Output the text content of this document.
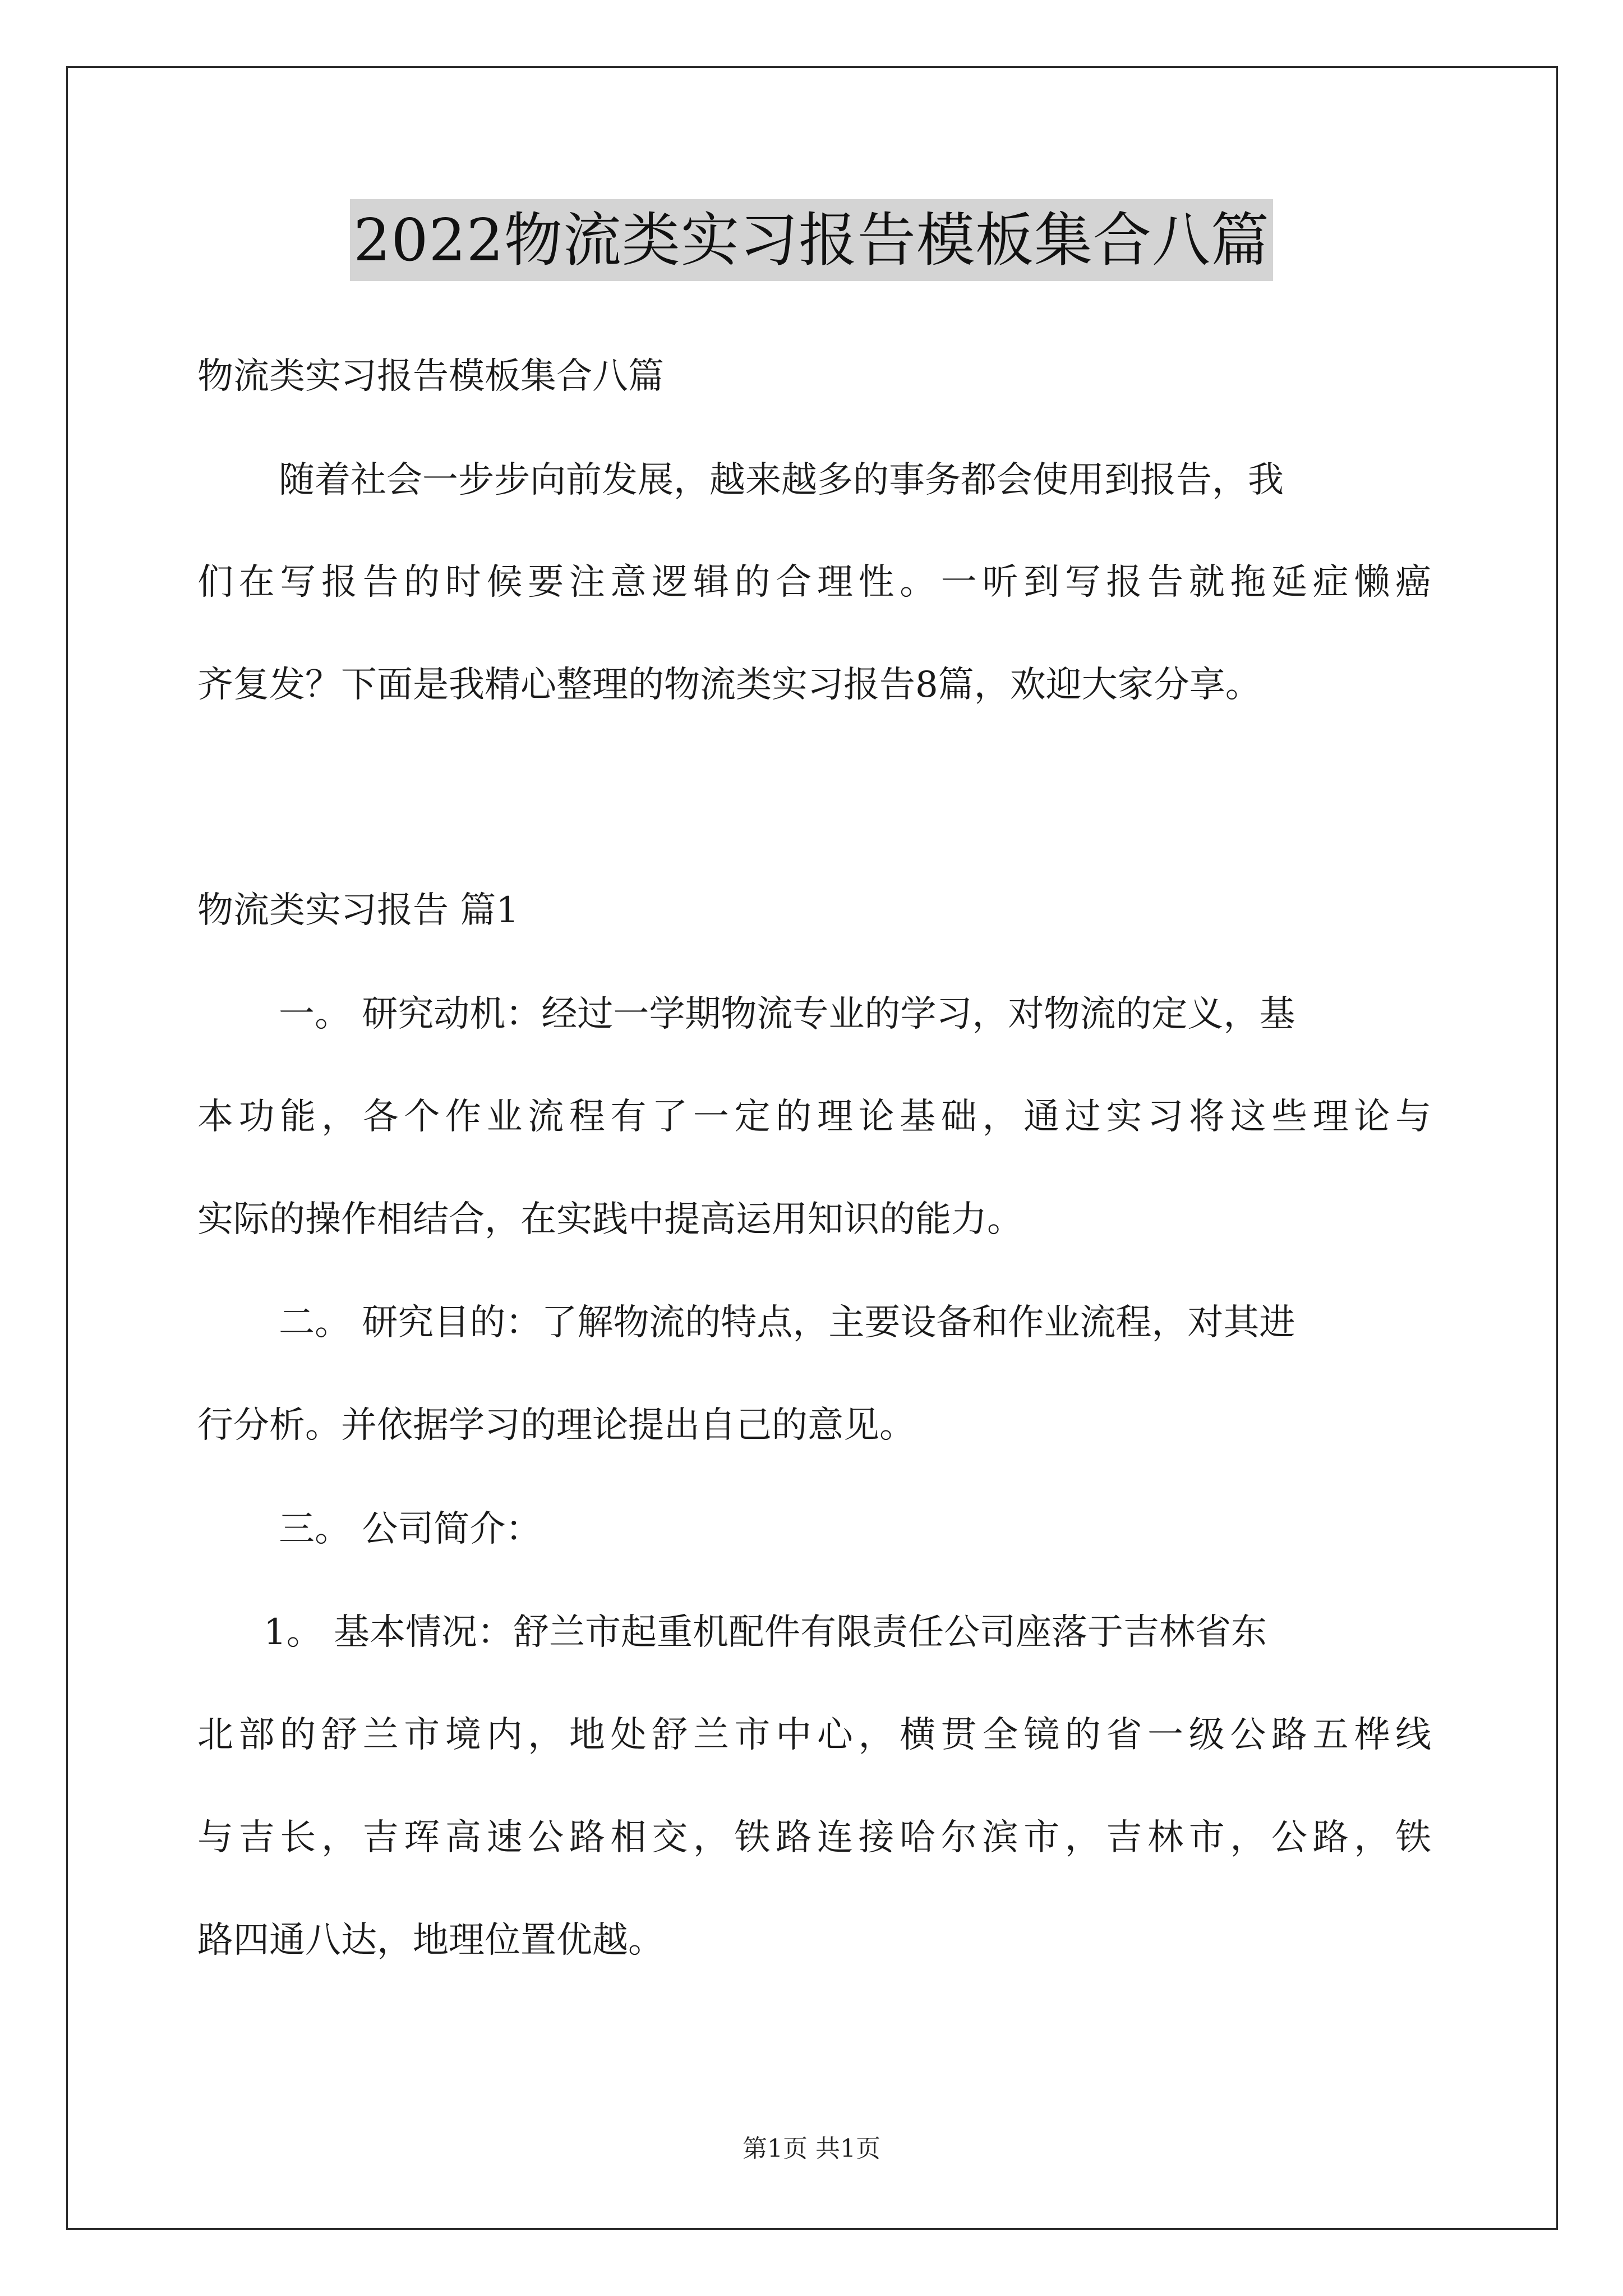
2022物流类实习报告模板集合八篇
物流类实习报告模板集合八篇
随着社会一步步向前发展，越来越多的事务都会使用到报告，我
们在写报告的时候要注意逻辑的合理性。一听到写报告就拖延症懒癌
齐复发？下面是我精心整理的物流类实习报告8篇，欢迎大家分享。
物流类实习报告 篇1
一。 研究动机：经过一学期物流专业的学习，对物流的定义，基
本功能，各个作业流程有了一定的理论基础，通过实习将这些理论与
实际的操作相结合，在实践中提高运用知识的能力。
二。 研究目的：了解物流的特点，主要设备和作业流程，对其进
行分析。并依据学习的理论提出自己的意见。
三。 公司简介：
1。 基本情况：舒兰市起重机配件有限责任公司座落于吉林省东
北部的舒兰市境内，地处舒兰市中心，横贯全镜的省一级公路五桦线
与吉长，吉珲高速公路相交，铁路连接哈尔滨市，吉林市，公路，铁
路四通八达，地理位置优越。
第1页 共1页
